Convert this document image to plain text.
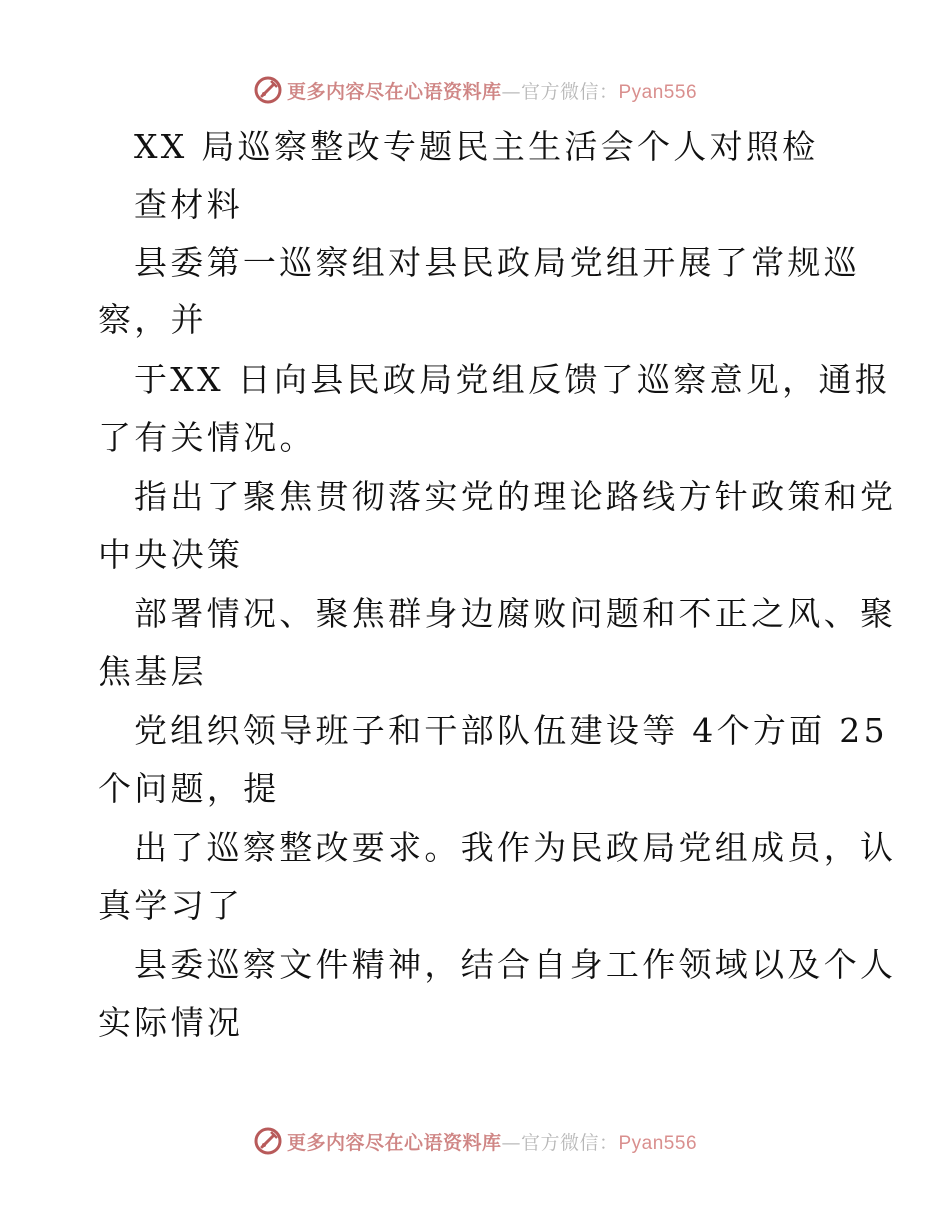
更多内容尽在心语资料库—官方微信：Pyan556
XX 局巡察整改专题民主生活会个人对照检
查材料
县委第一巡察组对县民政局党组开展了常规巡
察，并
于XX 日向县民政局党组反馈了巡察意见，通报
了有关情况。
指出了聚焦贯彻落实党的理论路线方针政策和党
中央决策
部署情况、聚焦群身边腐败问题和不正之风、聚
焦基层
党组织领导班子和干部队伍建设等 4个方面 25
个问题，提
出了巡察整改要求。我作为民政局党组成员，认
真学习了
县委巡察文件精神，结合自身工作领域以及个人
实际情况
更多内容尽在心语资料库—官方微信：Pyan556
